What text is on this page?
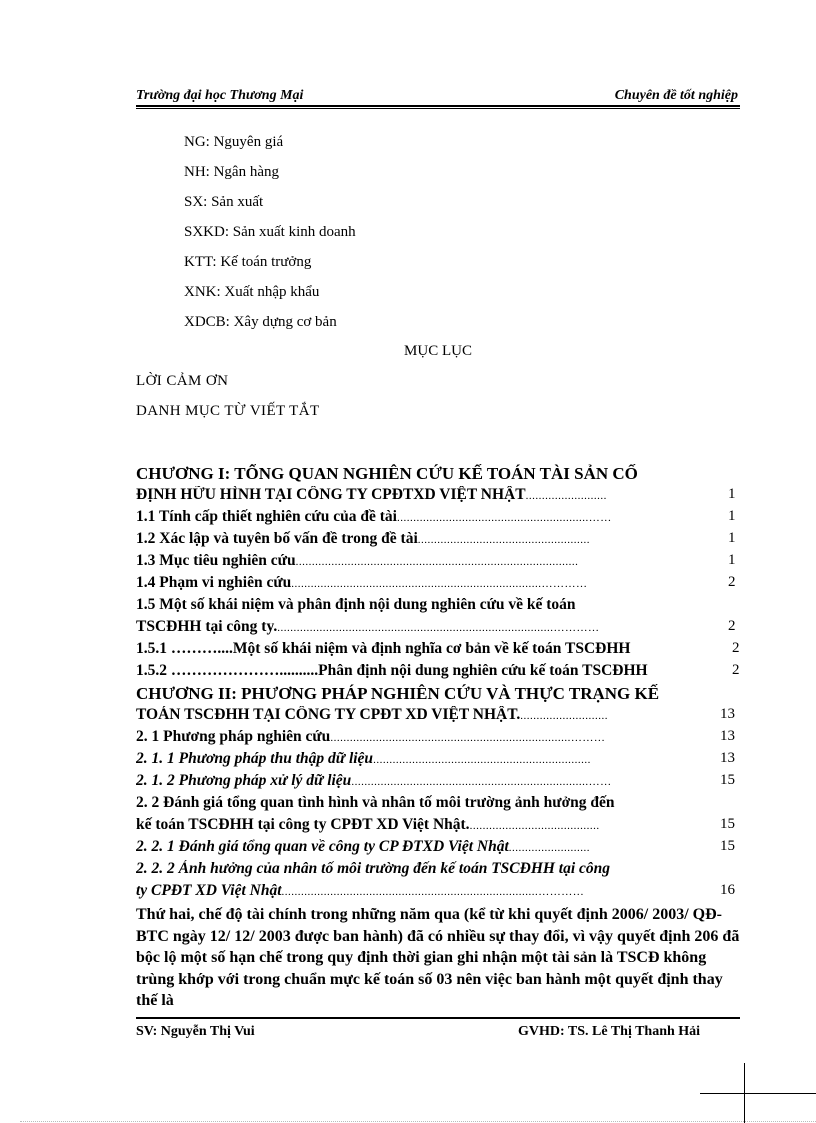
Trường đại học Thương Mại	Chuyên đề tốt nghiệp
NG: Nguyên giá
NH: Ngân hàng
SX: Sản xuất
SXKD: Sản xuất kinh doanh
KTT: Kế toán trưởng
XNK: Xuất nhập khẩu
XDCB: Xây dựng cơ bản
MỤC LỤC
LỜI CẢM ƠN
DANH MỤC TỪ VIẾT TẮT
CHƯƠNG I: TỔNG QUAN NGHIÊN CỨU KẾ TOÁN TÀI SẢN CỐ
ĐỊNH HỮU HÌNH TẠI CÔNG TY CPĐTXD VIỆT NHẬT.........................	1
1.1 Tính cấp thiết nghiên cứu của đề tài...........................................................……	1
1.2 Xác lập và tuyên bố vấn đề trong đề tài.....................................................	1
1.3 Mục tiêu nghiên cứu.......................................................................................	1
1.4 Phạm vi nghiên cứu.............................................................................…………	2
1.5 Một số khái niệm và phân định nội dung nghiên cứu về kế toán
TSCĐHH tại công ty......................................................................................…………	2
1.5.1 ………....Một số khái niệm và định nghĩa cơ bản về kế toán TSCĐHH	2
1.5.2 …………………..........Phân định nội dung nghiên cứu kế toán TSCĐHH	2
CHƯƠNG II: PHƯƠNG PHÁP NGHIÊN CỨU VÀ THỰC TRẠNG KẾ
TOÁN TSCĐHH TẠI CÔNG TY CPĐT XD VIỆT NHẬT............................	13
2. 1 Phương pháp nghiên cứu..........................................................................………	13
2. 1. 1 Phương pháp thu thập dữ liệu...................................................................	13
2. 1. 2 Phương pháp xử lý dữ liệu.........................................................................……	15
2. 2 Đánh giá tổng quan tình hình và nhân tố môi trường ảnh hưởng đến
kế toán TSCĐHH tại công ty CPĐT XD Việt Nhật.........................................	15
2. 2. 1 Đánh giá tổng quan về công ty CP ĐTXD Việt Nhật.........................	15
2. 2. 2 Ảnh hưởng của nhân tố môi trường đến kế toán TSCĐHH tại công
ty CPĐT XD Việt Nhật...............................................................................…………	16
Thứ hai, chế độ tài chính trong những năm qua (kể từ khi quyết định 2006/ 2003/ QĐ-BTC ngày 12/ 12/ 2003 được ban hành) đã có nhiều sự thay đổi, vì vậy quyết định 206 đã bộc lộ một số hạn chế trong quy định thời gian ghi nhận một tài sản là TSCĐ không trùng khớp với trong chuẩn mực kế toán số 03 nên việc ban hành một quyết định thay thế là
SV: Nguyễn Thị Vui	GVHD: TS. Lê Thị Thanh Hải
